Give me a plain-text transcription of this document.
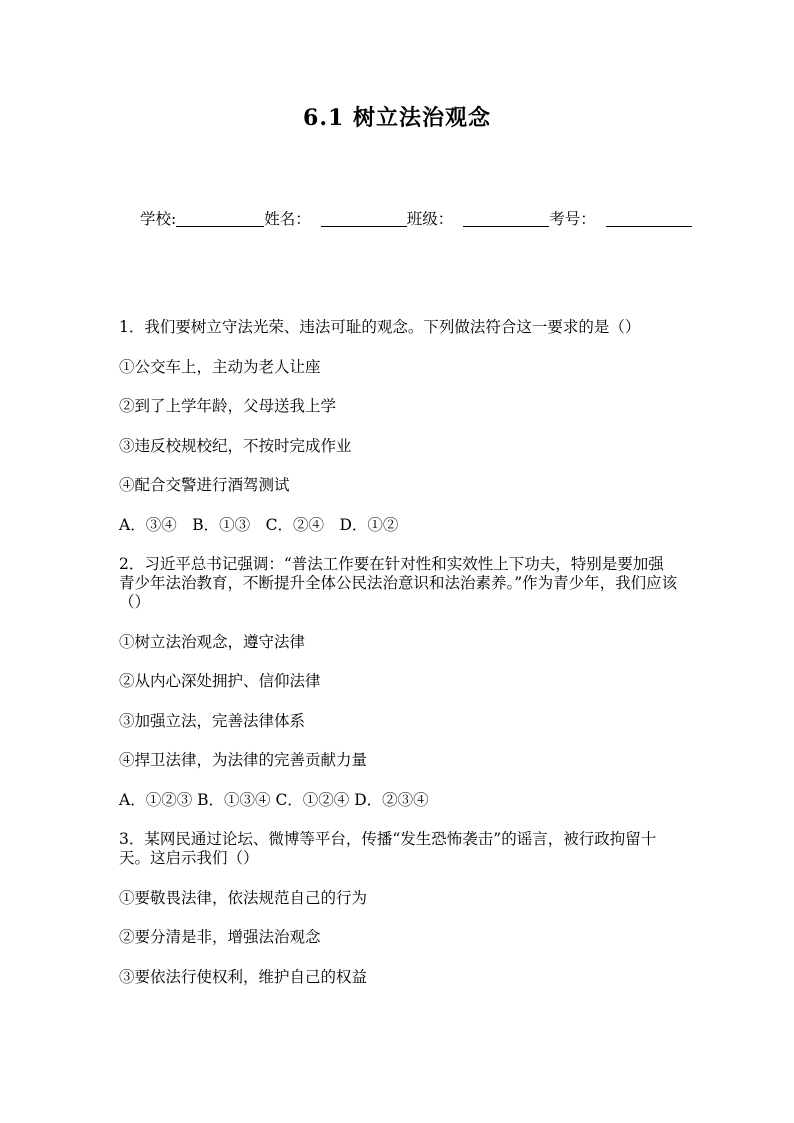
6.1 树立法治观念
学校:	姓名：	班级：	考号：

1．我们要树立守法光荣、违法可耻的观念。下列做法符合这一要求的是（）

①公交车上，主动为老人让座

②到了上学年龄，父母送我上学

③违反校规校纪，不按时完成作业

④配合交警进行酒驾测试

A．③④　B．①③　C．②④　D．①②

2．习近平总书记强调：“普法工作要在针对性和实效性上下功夫，特别是要加强青少年法治教育，不断提升全体公民法治意识和法治素养。”作为青少年，我们应该（）

①树立法治观念，遵守法律

②从内心深处拥护、信仰法律

③加强立法，完善法律体系

④捍卫法律，为法律的完善贡献力量

A．①②③ B．①③④ C．①②④ D．②③④

3．某网民通过论坛、微博等平台，传播“发生恐怖袭击”的谣言，被行政拘留十天。这启示我们（）

①要敬畏法律，依法规范自己的行为

②要分清是非，增强法治观念

③要依法行使权利，维护自己的权益
